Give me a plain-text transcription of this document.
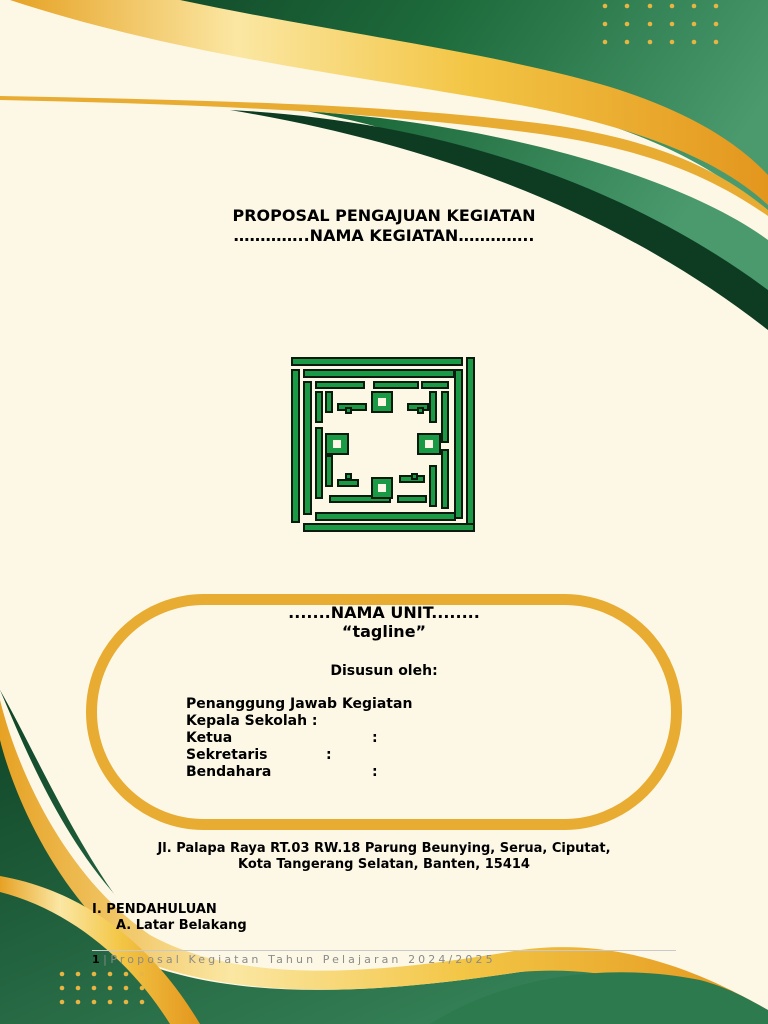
PROPOSAL PENGAJUAN KEGIATAN
…………..NAMA KEGIATAN…………..
.......NAMA UNIT........
“tagline”
Disusun oleh:
Penanggung Jawab Kegiatan
Kepala Sekolah :
Ketua	:
Sekretaris	:
Bendahara	:
Jl. Palapa Raya RT.03 RW.18 Parung Beunying, Serua, Ciputat,
Kota Tangerang Selatan, Banten, 15414
I. PENDAHULUAN
A. Latar Belakang
1 | Proposal Kegiatan Tahun Pelajaran 2024/2025
